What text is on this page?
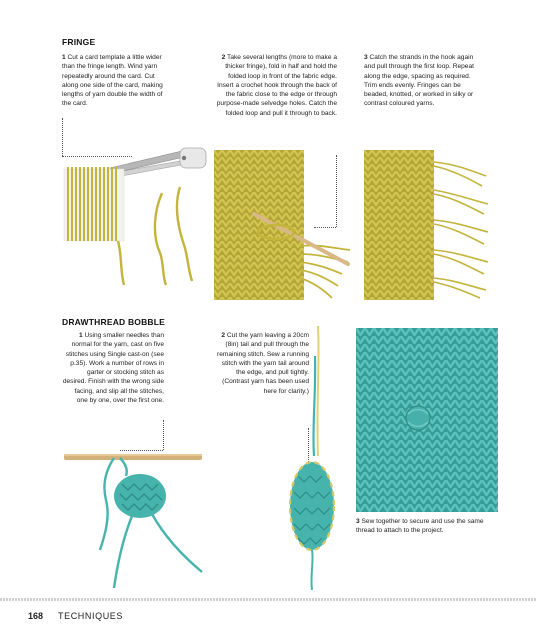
FRINGE
1 Cut a card template a little wider than the fringe length. Wind yarn repeatedly around the card. Cut along one side of the card, making lengths of yarn double the width of the card.
2 Take several lengths (more to make a thicker fringe), fold in half and hold the folded loop in front of the fabric edge. Insert a crochet hook through the back of the fabric close to the edge or through purpose-made selvedge holes. Catch the folded loop and pull it through to back.
3 Catch the strands in the hook again and pull through the first loop. Repeat along the edge, spacing as required. Trim ends evenly. Fringes can be beaded, knotted, or worked in silky or contrast coloured yarns.
DRAWTHREAD BOBBLE
1 Using smaller needles than normal for the yarn, cast on five stitches using Single cast-on (see p.35). Work a number of rows in garter or stocking stitch as desired. Finish with the wrong side facing, and slip all the stitches, one by one, over the first one.
2 Cut the yarn leaving a 20cm (8in) tail and pull through the remaining stitch. Sew a running stitch with the yarn tail around the edge, and pull tightly. (Contrast yarn has been used here for clarity.)
3 Sew together to secure and use the same thread to attach to the project.
168 TECHNIQUES
